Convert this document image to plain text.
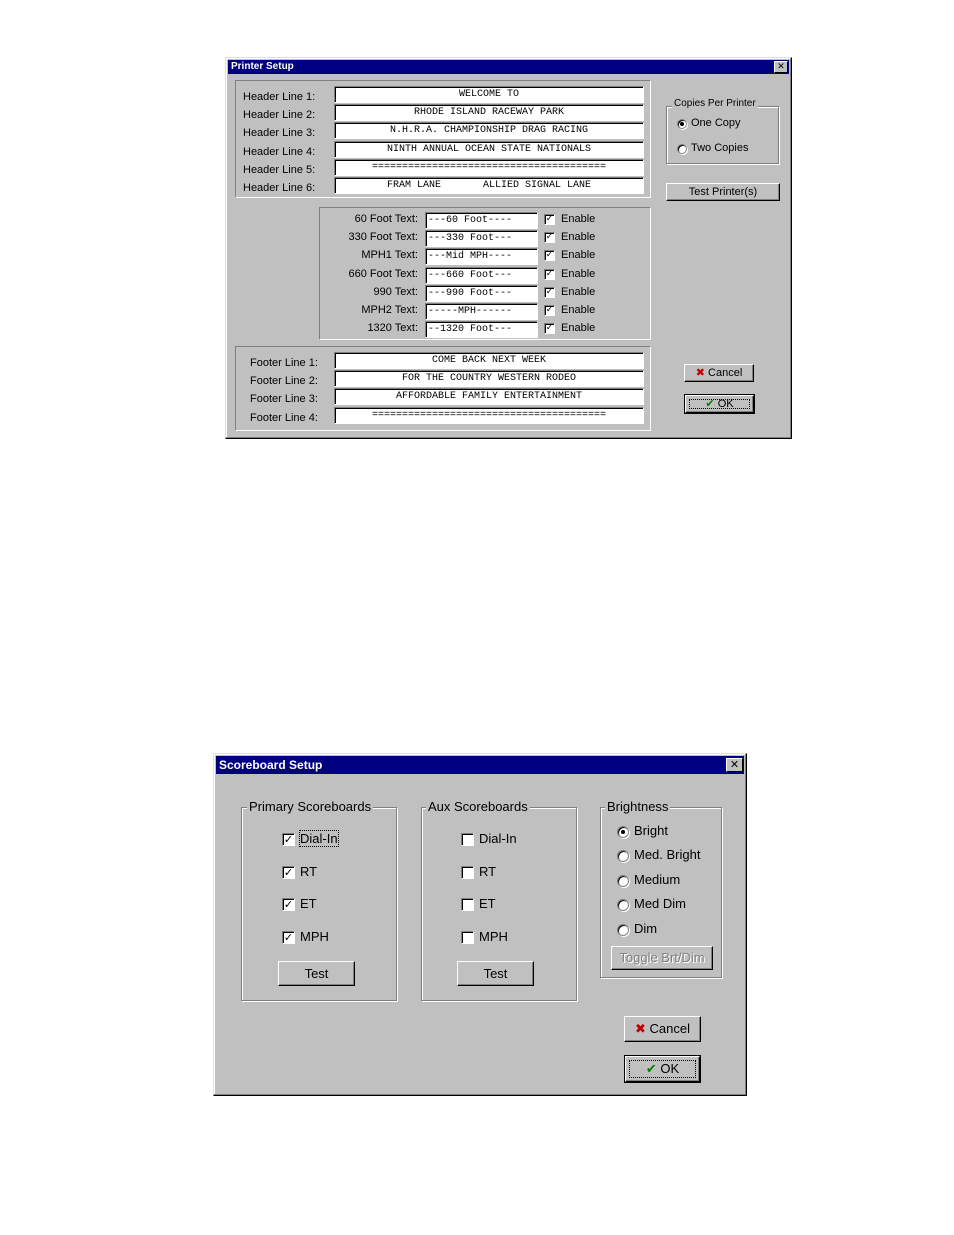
Printer Setup	✕
Header Line 1:	WELCOME TO
Header Line 2:	RHODE ISLAND RACEWAY PARK
Header Line 3:	N.H.R.A. CHAMPIONSHIP DRAG RACING
Header Line 4:	NINTH ANNUAL OCEAN STATE NATIONALS
Header Line 5:	=======================================
Header Line 6:	FRAM LANE       ALLIED SIGNAL LANE
Copies Per Printer
One Copy
Two Copies
Test Printer(s)
60 Foot Text:	---60 Foot----	✓ Enable
330 Foot Text:	---330 Foot---	✓ Enable
MPH1 Text:	---Mid MPH----	✓ Enable
660 Foot Text:	---660 Foot---	✓ Enable
990 Text:	---990 Foot---	✓ Enable
MPH2 Text:	-----MPH------	✓ Enable
1320 Text:	--1320 Foot---	✓ Enable
Footer Line 1:	COME BACK NEXT WEEK
Footer Line 2:	FOR THE COUNTRY WESTERN RODEO
Footer Line 3:	AFFORDABLE FAMILY ENTERTAINMENT
Footer Line 4:	=======================================
✖ Cancel
✔ OK
Scoreboard Setup	✕
Primary Scoreboards
✓ Dial-In
✓ RT
✓ ET
✓ MPH
Test
Aux Scoreboards
Dial-In
RT
ET
MPH
Test
Brightness
Bright
Med. Bright
Medium
Med Dim
Dim
Toggle Brt/Dim
✖ Cancel
✔ OK
